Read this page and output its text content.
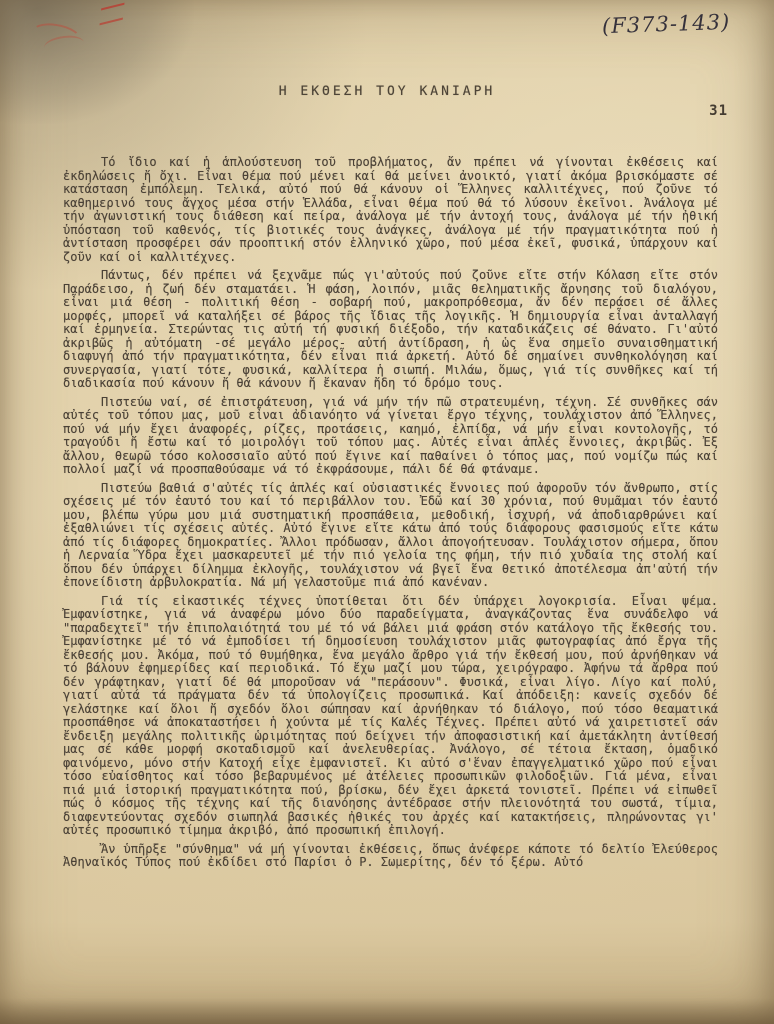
(F373-143)
Η ΕΚΘΕΣΗ ΤΟΥ ΚΑΝΙΑΡΗ
31

Τό ἴδιο καί ἡ ἁπλούστευση τοῦ προβλήματος, ἄν πρέπει νά γίνονται ἐκθέσεις καί ἐκδηλώσεις ἤ ὄχι. Εἶναι θέμα πού μένει καί θά μείνει ἀνοικτό, γιατί ἀκόμα βρισκόμαστε σέ κατάσταση ἐμπόλεμη. Τελικά, αὐτό πού θά κάνουν οἱ Ἕλληνες καλλιτέχνες, πού ζοῦνε τό καθημερινό τους ἄγχος μέσα στήν Ἑλλάδα, εἶναι θέμα πού θά τό λύσουν ἐκεῖνοι. Ἀνάλογα μέ τήν ἀγωνιστική τους διάθεση καί πείρα, ἀνάλογα μέ τήν ἀντοχή τους, ἀνάλογα μέ τήν ἠθική ὑπόσταση τοῦ καθενός, τίς βιοτικές τους ἀνάγκες, ἀνάλογα μέ τήν πραγματικότητα πού ἡ ἀντίσταση προσφέρει σάν προοπτική στόν ἑλληνικό χῶρο, πού μέσα ἐκεῖ, φυσικά, ὑπάρχουν καί ζοῦν καί οἱ καλλιτέχνες.

Πάντως, δέν πρέπει νά ξεχνᾶμε πώς γι'αὐτούς πού ζοῦνε εἴτε στήν Κόλαση εἴτε στόν Παράδεισο, ἡ ζωή δέν σταματάει. Ἡ φάση, λοιπόν, μιᾶς θεληματικῆς ἄρνησης τοῦ διαλόγου, εἶναι μιά θέση - πολιτική θέση - σοβαρή πού, μακροπρόθεσμα, ἄν δέν περάσει σέ ἄλλες μορφές, μπορεῖ νά καταλήξει σέ βάρος τῆς ἴδιας τῆς λογικῆς. Ἡ δημιουργία εἶναι ἀνταλλαγή καί ἑρμηνεία. Στερώντας τις αὐτή τή φυσική διέξοδο, τήν καταδικάζεις σέ θάνατο. Γι'αὐτό ἀκριβῶς ἡ αὐτόματη -σέ μεγάλο μέρος- αὐτή ἀντίδραση, ἡ ὡς ἕνα σημεῖο συναισθηματική διαφυγή ἀπό τήν πραγματικότητα, δέν εἶναι πιά ἀρκετή. Αὐτό δέ σημαίνει συνθηκολόγηση καί συνεργασία, γιατί τότε, φυσικά, καλλίτερα ἡ σιωπή. Μιλάω, ὅμως, γιά τίς συνθῆκες καί τή διαδικασία πού κάνουν ἤ θά κάνουν ἤ ἔκαναν ἤδη τό δρόμο τους.

Πιστεύω ναί, σέ ἐπιστράτευση, γιά νά μήν τήν πῶ στρατευμένη, τέχνη. Σέ συνθῆκες σάν αὐτές τοῦ τόπου μας, μοῦ εἶναι ἀδιανόητο νά γίνεται ἔργο τέχνης, τουλάχιστον ἀπό Ἕλληνες, πού νά μήν ἔχει ἀναφορές, ρίζες, προτάσεις, καημό, ἐλπίδα, νά μήν εἶναι κοντολογῆς, τό τραγούδι ἤ ἔστω καί τό μοιρολόγι τοῦ τόπου μας. Αὐτές εἶναι ἁπλές ἔννοιες, ἀκριβῶς. Ἐξ ἄλλου, θεωρῶ τόσο κολοσσιαῖο αὐτό πού ἔγινε καί παθαίνει ὁ τόπος μας, πού νομίζω πώς καί πολλοί μαζί νά προσπαθούσαμε νά τό ἐκφράσουμε, πάλι δέ θά φτάναμε.

Πιστεύω βαθιά σ'αὐτές τίς ἁπλές καί οὐσιαστικές ἔννοιες πού ἀφοροῦν τόν ἄνθρωπο, στίς σχέσεις μέ τόν ἑαυτό του καί τό περιβάλλον του. Ἐδῶ καί 30 χρόνια, πού θυμᾶμαι τόν ἑαυτό μου, βλέπω γύρω μου μιά συστηματική προσπάθεια, μεθοδική, ἰσχυρή, νά ἀποδιαρθρώνει καί ἐξαθλιώνει τίς σχέσεις αὐτές. Αὐτό ἔγινε εἴτε κάτω ἀπό τούς διάφορους φασισμούς εἴτε κάτω ἀπό τίς διάφορες δημοκρατίες. Ἄλλοι πρόδωσαν, ἄλλοι ἀπογοήτευσαν. Τουλάχιστον σήμερα, ὅπου ἡ Λερναία Ὕδρα ἔχει μασκαρευτεῖ μέ τήν πιό γελοία της φήμη, τήν πιό χυδαία της στολή καί ὅπου δέν ὑπάρχει δίλημμα ἐκλογῆς, τουλάχιστον νά βγεῖ ἕνα θετικό ἀποτέλεσμα ἀπ'αὐτή τήν ἐπονείδιστη ἀρβυλοκρατία. Νά μή γελαστοῦμε πιά ἀπό κανέναν.

Γιά τίς εἰκαστικές τέχνες ὑποτίθεται ὅτι δέν ὑπάρχει λογοκρισία. Εἶναι ψέμα. Ἐμφανίστηκε, γιά νά ἀναφέρω μόνο δύο παραδείγματα, ἀναγκάζοντας ἕνα συνάδελφο νά "παραδεχτεῖ" τήν ἐπιπολαιότητά του μέ τό νά βάλει μιά φράση στόν κατάλογο τῆς ἔκθεσής του. Ἐμφανίστηκε μέ τό νά ἐμποδίσει τή δημοσίευση τουλάχιστον μιᾶς φωτογραφίας ἀπό ἔργα τῆς ἔκθεσής μου. Ἀκόμα, πού τό θυμήθηκα, ἕνα μεγάλο ἄρθρο γιά τήν ἔκθεσή μου, πού ἀρνήθηκαν νά τό βάλουν ἐφημερίδες καί περιοδικά. Τό ἔχω μαζί μου τώρα, χειρόγραφο. Ἀφήνω τά ἄρθρα πού δέν γράφτηκαν, γιατί δέ θά μποροῦσαν νά "περάσουν". Φυσικά, εἶναι λίγο. Λίγο καί πολύ, γιατί αὐτά τά πράγματα δέν τά ὑπολογίζεις προσωπικά. Καί ἀπόδειξη: κανείς σχεδόν δέ γελάστηκε καί ὅλοι ἤ σχεδόν ὅλοι σώπησαν καί ἀρνήθηκαν τό διάλογο, πού τόσο θεαματικά προσπάθησε νά ἀποκαταστήσει ἡ χούντα μέ τίς Καλές Τέχνες. Πρέπει αὐτό νά χαιρετιστεῖ σάν ἔνδειξη μεγάλης πολιτικῆς ὡριμότητας πού δείχνει τήν ἀποφασιστική καί ἀμετάκλητη ἀντίθεσή μας σέ κάθε μορφή σκοταδισμοῦ καί ἀνελευθερίας. Ἀνάλογο, σέ τέτοια ἔκταση, ὁμαδικό φαινόμενο, μόνο στήν Κατοχή εἶχε ἐμφανιστεῖ. Κι αὐτό σ'ἕναν ἐπαγγελματικό χῶρο πού εἶναι τόσο εὐαίσθητος καί τόσο βεβαρυμένος μέ ἀτέλειες προσωπικῶν φιλοδοξιῶν. Γιά μένα, εἶναι πιά μιά ἱστορική πραγματικότητα πού, βρίσκω, δέν ἔχει ἀρκετά τονιστεῖ. Πρέπει νά εἰπωθεῖ πώς ὁ κόσμος τῆς τέχνης καί τῆς διανόησης ἀντέδρασε στήν πλειονότητά του σωστά, τίμια, διαφεντεύοντας σχεδόν σιωπηλά βασικές ἠθικές του ἀρχές καί κατακτήσεις, πληρώνοντας γι' αὐτές προσωπικό τίμημα ἀκριβό, ἀπό προσωπική ἐπιλογή.

Ἄν ὑπῆρξε "σύνθημα" νά μή γίνονται ἐκθέσεις, ὅπως ἀνέφερε κάποτε τό δελτίο Ἐλεύθερος Ἀθηναϊκός Τύπος πού ἐκδίδει στό Παρίσι ὁ Ρ. Σωμερίτης, δέν τό ξέρω. Αὐτό
